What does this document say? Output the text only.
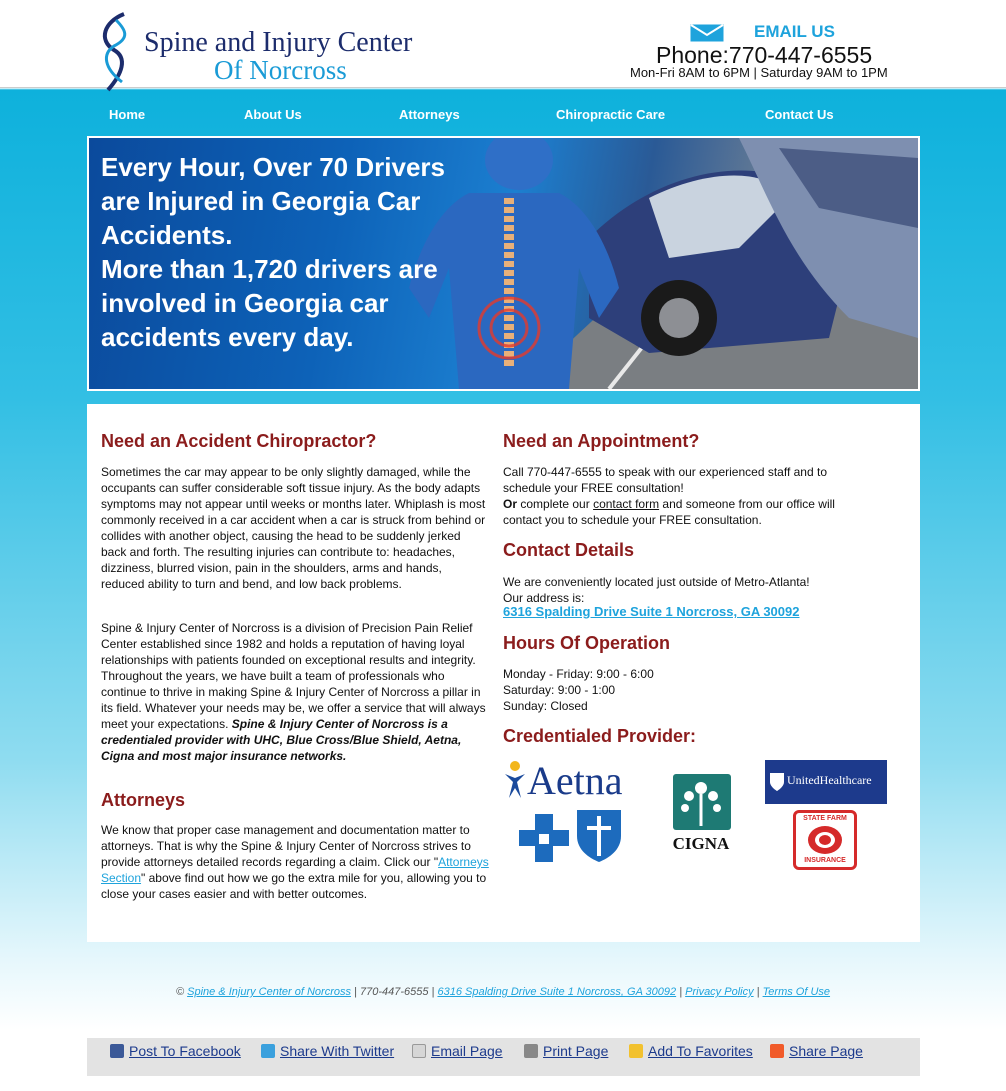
Spine and Injury Center
Of Norcross
EMAIL US
Phone:770-447-6555
Mon-Fri 8AM to 6PM | Saturday 9AM to 1PM
Home	About Us	Attorneys	Chiropractic Care	Contact Us
Every Hour, Over 70 Drivers are Injured in Georgia Car Accidents.
More than 1,720 drivers are involved in Georgia car accidents every day.
Need an Accident Chiropractor?
Sometimes the car may appear to be only slightly damaged, while the occupants can suffer considerable soft tissue injury. As the body adapts symptoms may not appear until weeks or months later. Whiplash is most commonly received in a car accident when a car is struck from behind or collides with another object, causing the head to be suddenly jerked back and forth. The resulting injuries can contribute to: headaches, dizziness, blurred vision, pain in the shoulders, arms and hands, reduced ability to turn and bend, and low back problems.
Spine & Injury Center of Norcross is a division of Precision Pain Relief Center established since 1982 and holds a reputation of having loyal relationships with patients founded on exceptional results and integrity. Throughout the years, we have built a team of professionals who continue to thrive in making Spine & Injury Center of Norcross a pillar in its field. Whatever your needs may be, we offer a service that will always meet your expectations. Spine & Injury Center of Norcross is a credentialed provider with UHC, Blue Cross/Blue Shield, Aetna, Cigna and most major insurance networks.
Attorneys
We know that proper case management and documentation matter to attorneys. That is why the Spine & Injury Center of Norcross strives to provide attorneys detailed records regarding a claim. Click our "Attorneys Section" above find out how we go the extra mile for you, allowing you to close your cases easier and with better outcomes.
Need an Appointment?
Call 770-447-6555 to speak with our experienced staff and to schedule your FREE consultation!
Or complete our contact form and someone from our office will contact you to schedule your FREE consultation.
Contact Details
We are conveniently located just outside of Metro-Atlanta!
Our address is:
6316 Spalding Drive Suite 1 Norcross, GA 30092
Hours Of Operation
Monday - Friday: 9:00 - 6:00
Saturday: 9:00 - 1:00
Sunday: Closed
Credentialed Provider:
Aetna
CIGNA
UnitedHealthcare
STATE FARM
INSURANCE
© Spine & Injury Center of Norcross | 770-447-6555 | 6316 Spalding Drive Suite 1 Norcross, GA 30092 | Privacy Policy | Terms Of Use
Post To Facebook	Share With Twitter	Email Page	Print Page	Add To Favorites	Share Page
